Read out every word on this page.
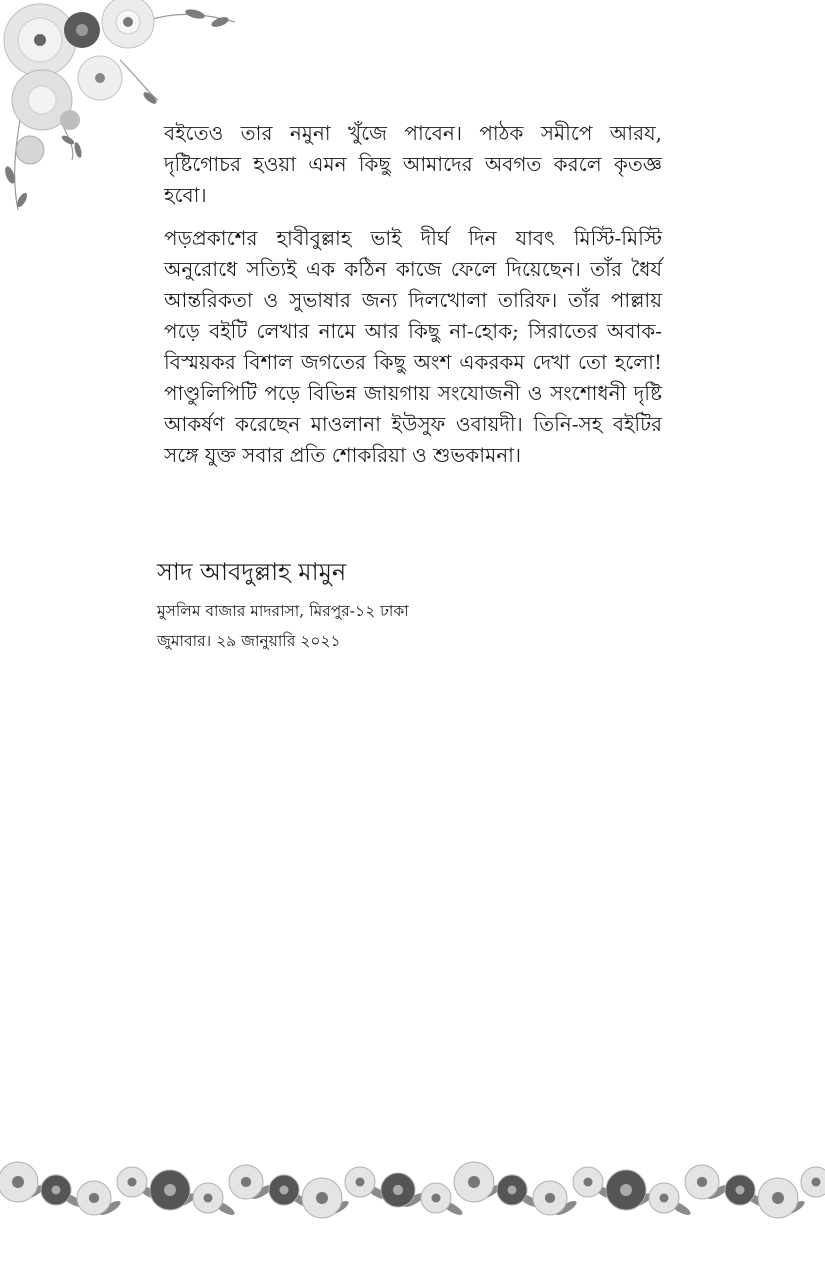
বইতেও তার নমুনা খুঁজে পাবেন। পাঠক সমীপে আরয, দৃষ্টিগোচর হওয়া এমন কিছু আমাদের অবগত করলে কৃতজ্ঞ হবো।

পড়প্রকাশের হাবীবুল্লাহ ভাই দীর্ঘ দিন যাবৎ মিস্টি-মিস্টি অনুরোধে সত্যিই এক কঠিন কাজে ফেলে দিয়েছেন। তাঁর ধৈর্য আন্তরিকতা ও সুভাষার জন্য দিলখোলা তারিফ। তাঁর পাল্লায় পড়ে বইটি লেখার নামে আর কিছু না-হোক; সিরাতের অবাক-বিস্ময়কর বিশাল জগতের কিছু অংশ একরকম দেখা তো হলো! পাণ্ডুলিপিটি পড়ে বিভিন্ন জায়গায় সংযোজনী ও সংশোধনী দৃষ্টি আকর্ষণ করেছেন মাওলানা ইউসুফ ওবায়দী। তিনি-সহ বইটির সঙ্গে যুক্ত সবার প্রতি শোকরিয়া ও শুভকামনা।

সাদ আবদুল্লাহ মামুন
মুসলিম বাজার মাদরাসা, মিরপুর-১২ ঢাকা
জুমাবার। ২৯ জানুয়ারি ২০২১
